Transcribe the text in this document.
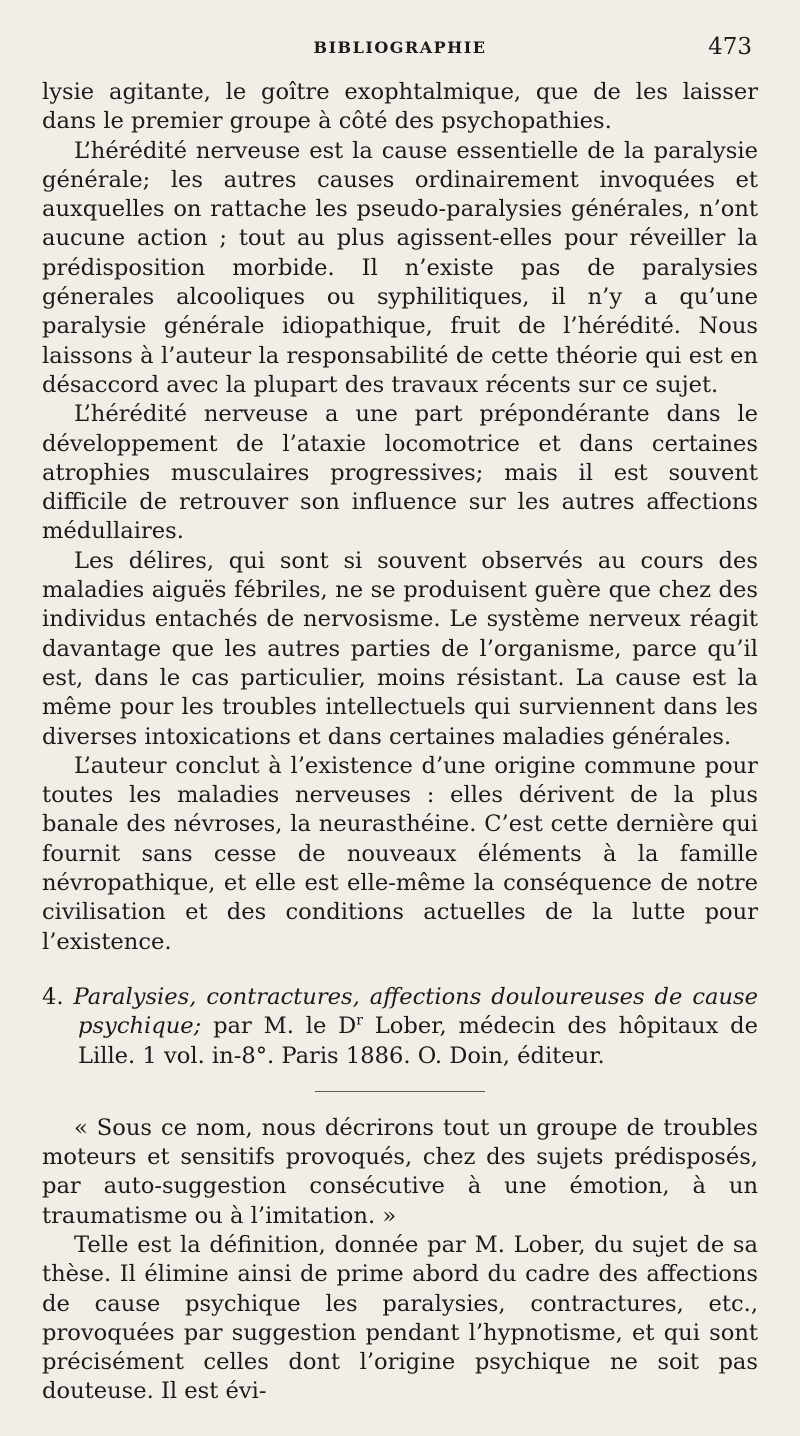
BIBLIOGRAPHIE	473

lysie agitante, le goître exophtalmique, que de les laisser dans le premier groupe à côté des psychopathies.

L’hérédité nerveuse est la cause essentielle de la paralysie générale; les autres causes ordinairement invoquées et auxquelles on rattache les pseudo-paralysies générales, n’ont aucune action ; tout au plus agissent-elles pour réveiller la prédisposition morbide. Il n’existe pas de paralysies génerales alcooliques ou syphilitiques, il n’y a qu’une paralysie générale idiopathique, fruit de l’hérédité. Nous laissons à l’auteur la responsabilité de cette théorie qui est en désaccord avec la plupart des travaux récents sur ce sujet.

L’hérédité nerveuse a une part prépondérante dans le développement de l’ataxie locomotrice et dans certaines atrophies musculaires progressives; mais il est souvent difficile de retrouver son influence sur les autres affections médullaires.

Les délires, qui sont si souvent observés au cours des maladies aiguës fébriles, ne se produisent guère que chez des individus entachés de nervosisme. Le système nerveux réagit davantage que les autres parties de l’organisme, parce qu’il est, dans le cas particulier, moins résistant. La cause est la même pour les troubles intellectuels qui surviennent dans les diverses intoxications et dans certaines maladies générales.

L’auteur conclut à l’existence d’une origine commune pour toutes les maladies nerveuses : elles dérivent de la plus banale des névroses, la neurasthéine. C’est cette dernière qui fournit sans cesse de nouveaux éléments à la famille névropathique, et elle est elle-même la conséquence de notre civilisation et des conditions actuelles de la lutte pour l’existence.

4. Paralysies, contractures, affections douloureuses de cause psychique; par M. le $D^r$ Lober, médecin des hôpitaux de Lille. 1 vol. in-8°. Paris 1886. O. Doin, éditeur.

« Sous ce nom, nous décrirons tout un groupe de troubles moteurs et sensitifs provoqués, chez des sujets prédisposés, par auto-suggestion consécutive à une émotion, à un traumatisme ou à l’imitation. »

Telle est la définition, donnée par M. Lober, du sujet de sa thèse. Il élimine ainsi de prime abord du cadre des affections de cause psychique les paralysies, contractures, etc., provoquées par suggestion pendant l’hypnotisme, et qui sont précisément celles dont l’origine psychique ne soit pas douteuse. Il est évi-
